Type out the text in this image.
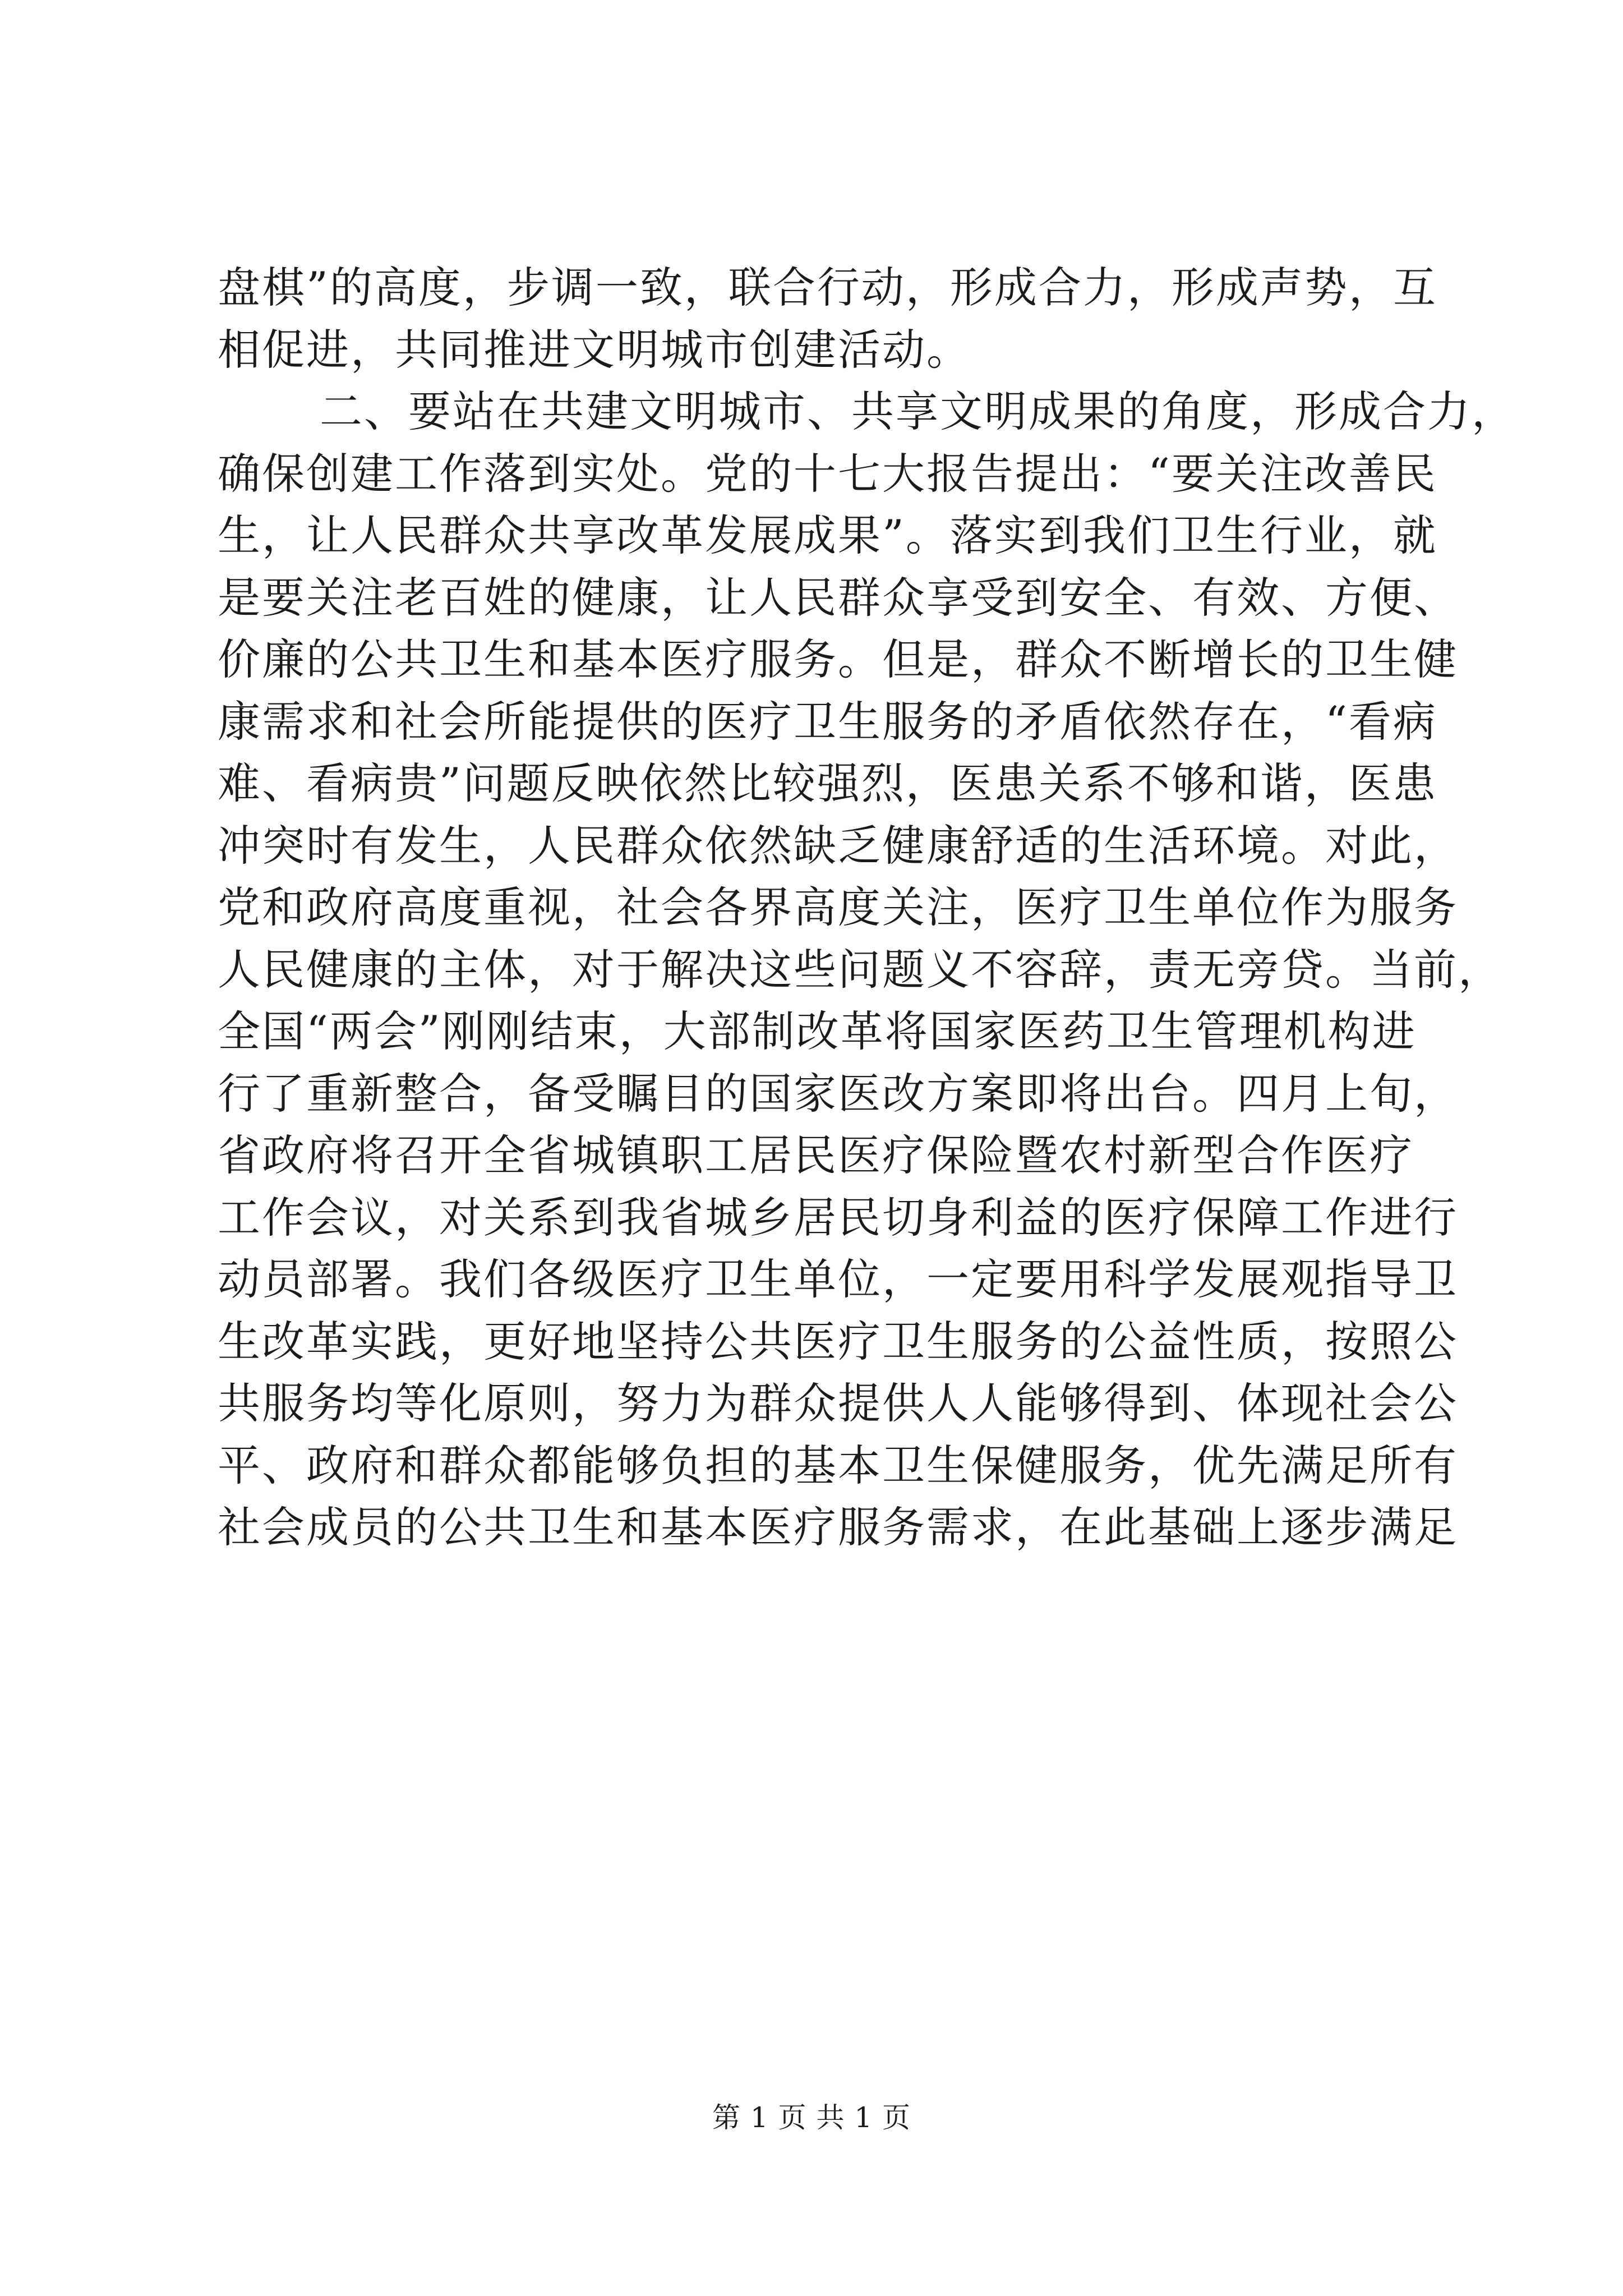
盘棋”的高度，步调一致，联合行动，形成合力，形成声势，互
相促进，共同推进文明城市创建活动。
二、要站在共建文明城市、共享文明成果的角度，形成合力，
确保创建工作落到实处。党的十七大报告提出：“要关注改善民
生，让人民群众共享改革发展成果”。落实到我们卫生行业，就
是要关注老百姓的健康，让人民群众享受到安全、有效、方便、
价廉的公共卫生和基本医疗服务。但是，群众不断增长的卫生健
康需求和社会所能提供的医疗卫生服务的矛盾依然存在，“看病
难、看病贵”问题反映依然比较强烈，医患关系不够和谐，医患
冲突时有发生，人民群众依然缺乏健康舒适的生活环境。对此，
党和政府高度重视，社会各界高度关注，医疗卫生单位作为服务
人民健康的主体，对于解决这些问题义不容辞，责无旁贷。当前，
全国“两会”刚刚结束，大部制改革将国家医药卫生管理机构进
行了重新整合，备受瞩目的国家医改方案即将出台。四月上旬，
省政府将召开全省城镇职工居民医疗保险暨农村新型合作医疗
工作会议，对关系到我省城乡居民切身利益的医疗保障工作进行
动员部署。我们各级医疗卫生单位，一定要用科学发展观指导卫
生改革实践，更好地坚持公共医疗卫生服务的公益性质，按照公
共服务均等化原则，努力为群众提供人人能够得到、体现社会公
平、政府和群众都能够负担的基本卫生保健服务，优先满足所有
社会成员的公共卫生和基本医疗服务需求，在此基础上逐步满足
第 1 页 共 1 页
